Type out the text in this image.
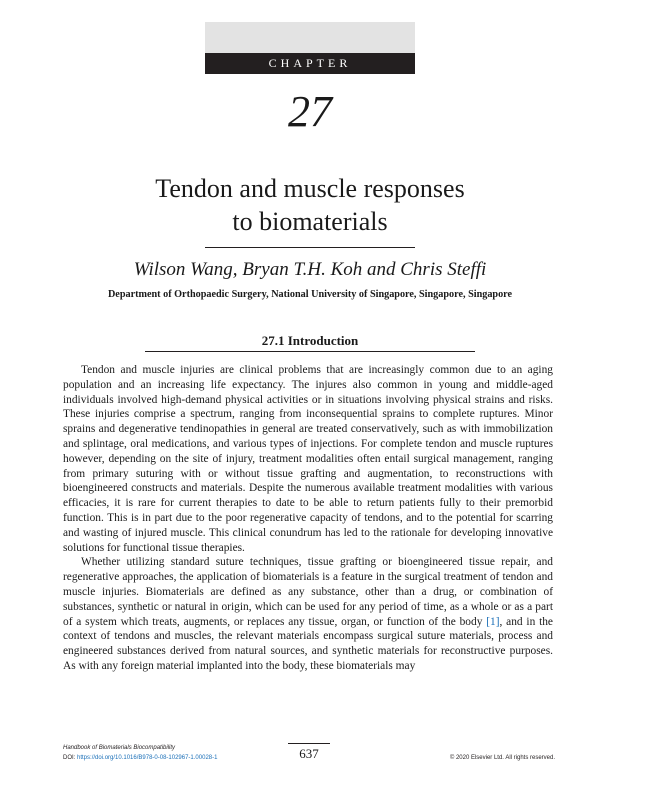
CHAPTER
27
Tendon and muscle responses
to biomaterials
Wilson Wang, Bryan T.H. Koh and Chris Steffi
Department of Orthopaedic Surgery, National University of Singapore, Singapore, Singapore
27.1 Introduction

Tendon and muscle injuries are clinical problems that are increasingly common due to an aging population and an increasing life expectancy. The injures also common in young and middle-aged individuals involved high-demand physical activities or in situations involving physical strains and risks. These injuries comprise a spectrum, ranging from inconsequential sprains to complete ruptures. Minor sprains and degenerative tendinopathies in general are treated conservatively, such as with immobilization and splintage, oral medications, and various types of injections. For complete tendon and muscle ruptures however, depending on the site of injury, treatment modalities often entail surgical management, ranging from primary suturing with or without tissue grafting and augmentation, to reconstructions with bioengineered constructs and materials. Despite the numerous available treatment modalities with various efficacies, it is rare for current therapies to date to be able to return patients fully to their premorbid function. This is in part due to the poor regenerative capacity of tendons, and to the potential for scarring and wasting of injured muscle. This clinical conundrum has led to the rationale for developing innovative solutions for functional tissue therapies.

Whether utilizing standard suture techniques, tissue grafting or bioengineered tissue repair, and regenerative approaches, the application of biomaterials is a feature in the surgical treatment of tendon and muscle injuries. Biomaterials are defined as any substance, other than a drug, or combination of substances, synthetic or natural in origin, which can be used for any period of time, as a whole or as a part of a system which treats, augments, or replaces any tissue, organ, or function of the body [1], and in the context of tendons and muscles, the relevant materials encompass surgical suture materials, process and engineered substances derived from natural sources, and synthetic materials for reconstructive purposes. As with any foreign material implanted into the body, these biomaterials may

Handbook of Biomaterials Biocompatibility
DOI: https://doi.org/10.1016/B978-0-08-102967-1.00028-1	637	© 2020 Elsevier Ltd. All rights reserved.
